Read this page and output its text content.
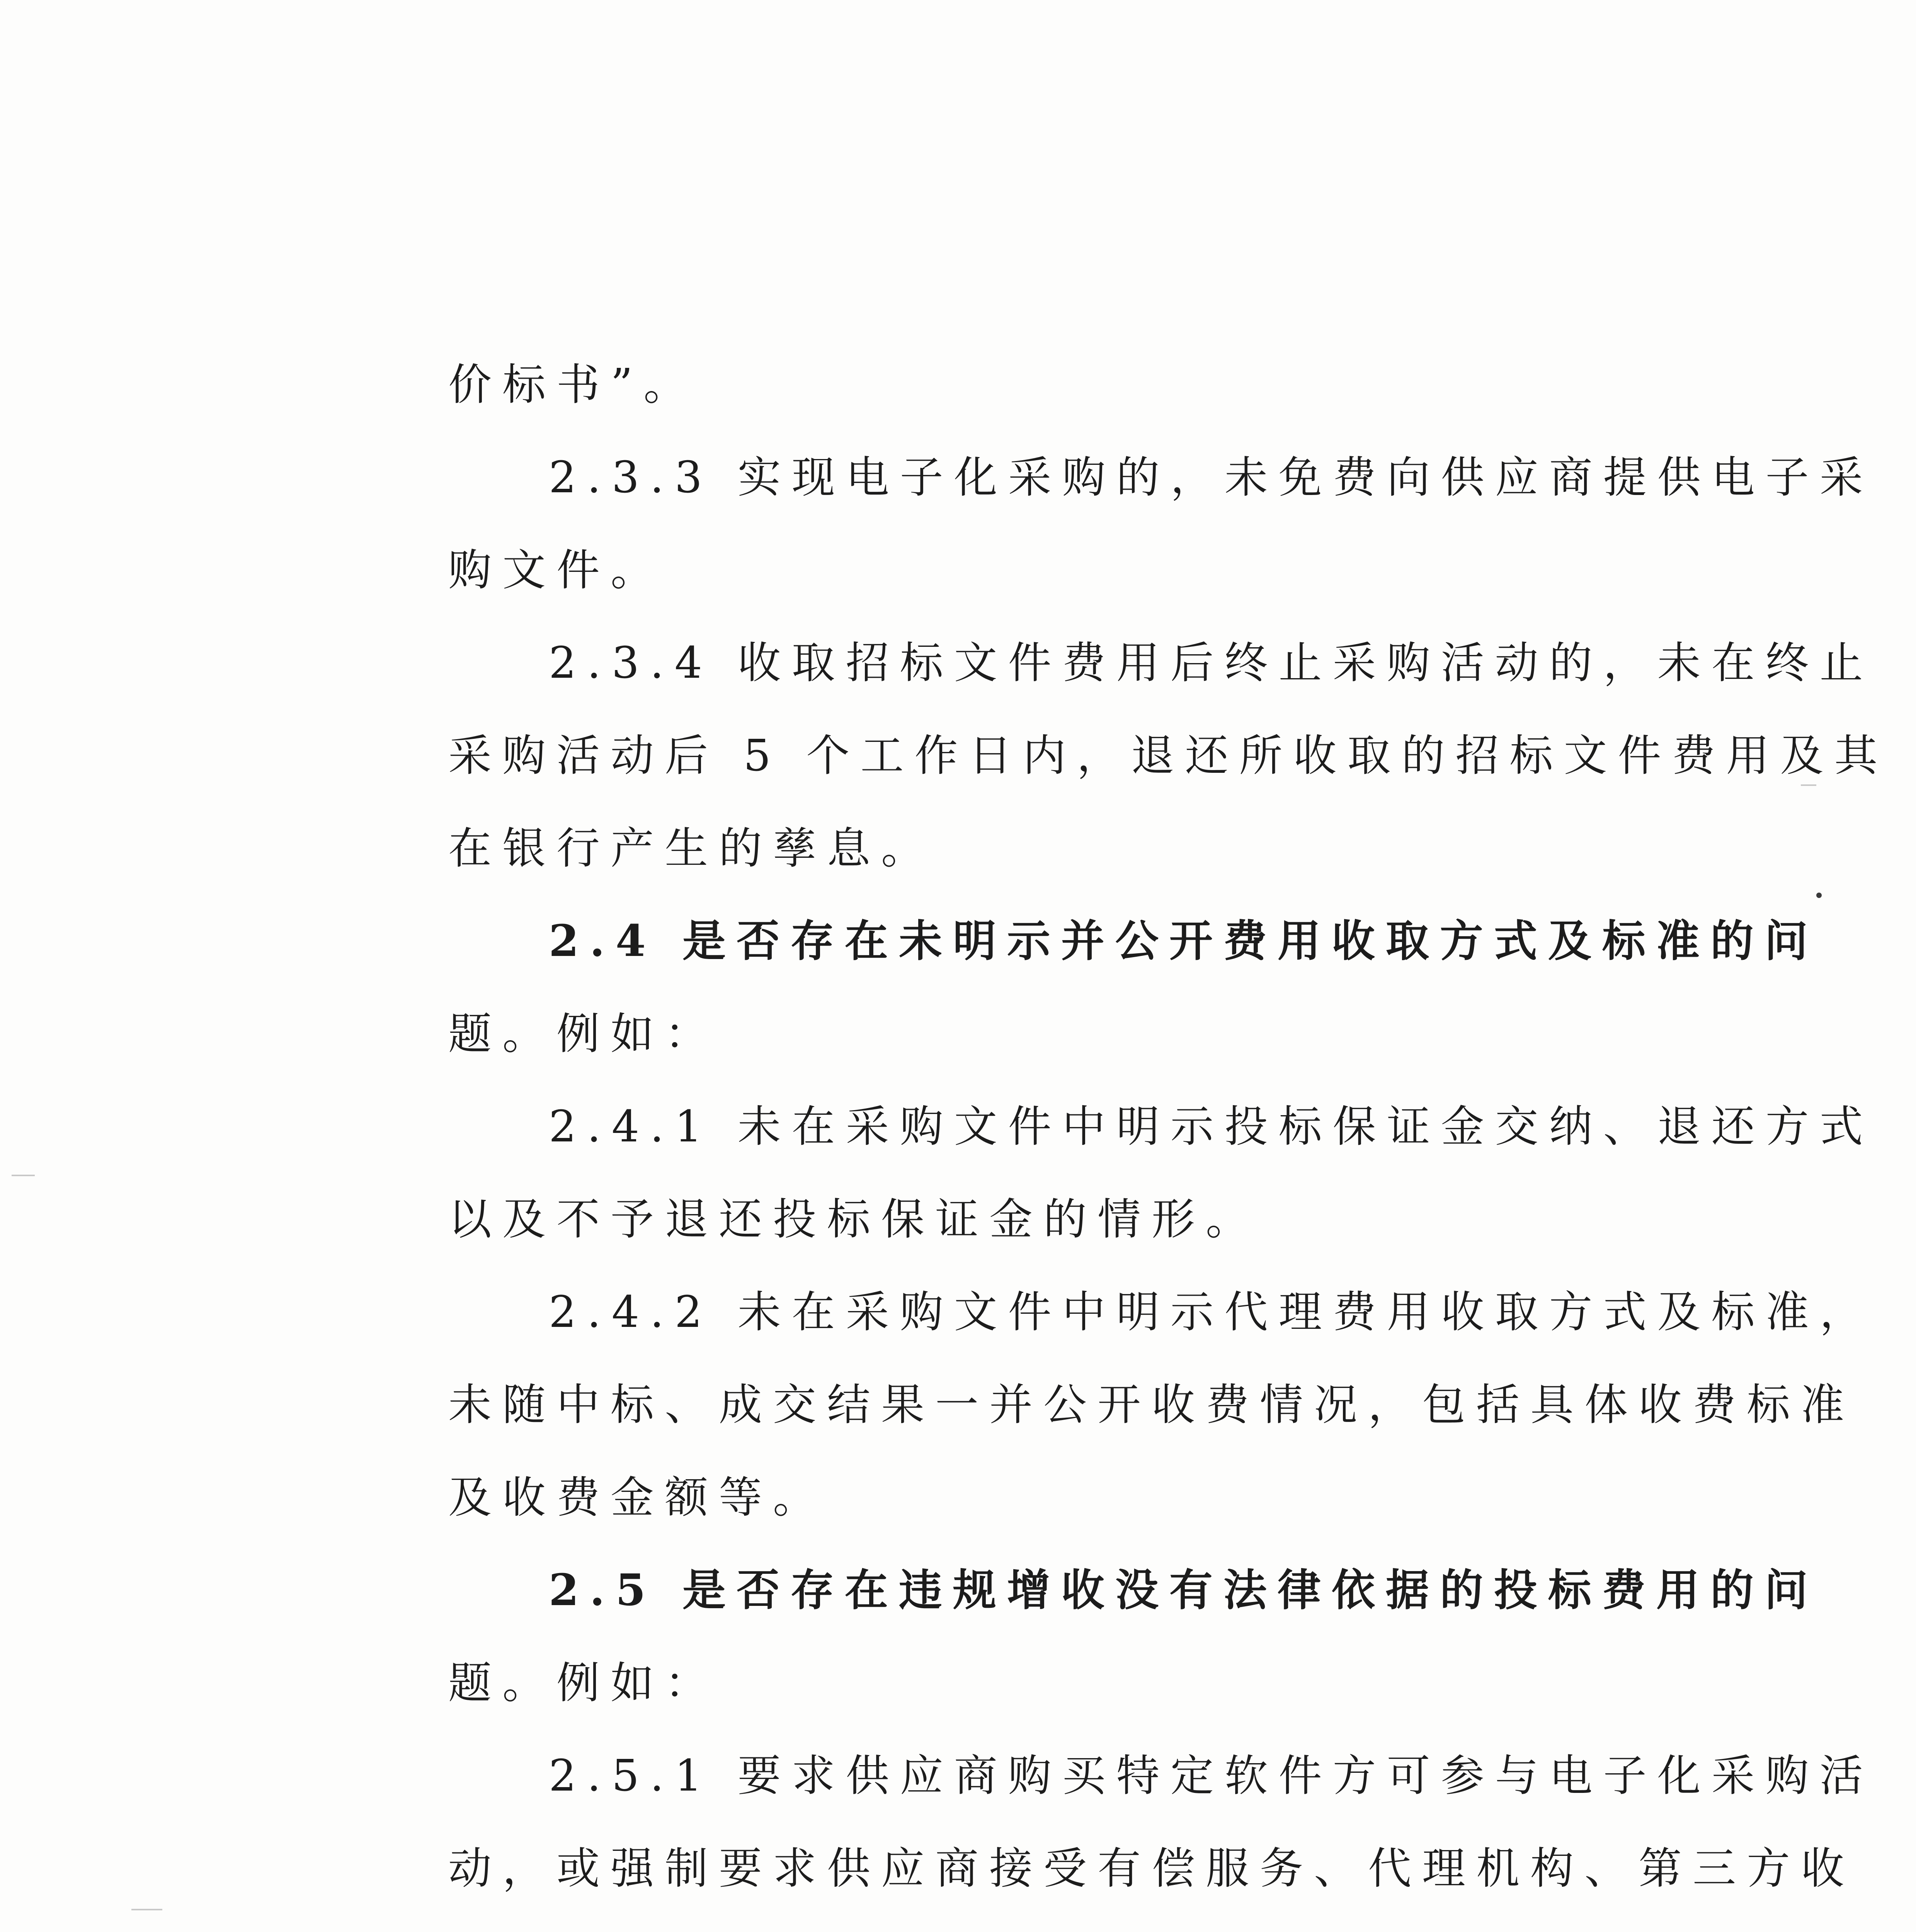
价标书”。
2.3.3 实现电子化采购的，未免费向供应商提供电子采
购文件。
2.3.4 收取招标文件费用后终止采购活动的，未在终止
采购活动后 5 个工作日内，退还所收取的招标文件费用及其
在银行产生的孳息。
2.4 是否存在未明示并公开费用收取方式及标准的问
题。例如：
2.4.1 未在采购文件中明示投标保证金交纳、退还方式
以及不予退还投标保证金的情形。
2.4.2 未在采购文件中明示代理费用收取方式及标准，
未随中标、成交结果一并公开收费情况，包括具体收费标准
及收费金额等。
2.5 是否存在违规增收没有法律依据的投标费用的问
题。例如：
2.5.1 要求供应商购买特定软件方可参与电子化采购活
动，或强制要求供应商接受有偿服务、代理机构、第三方收
